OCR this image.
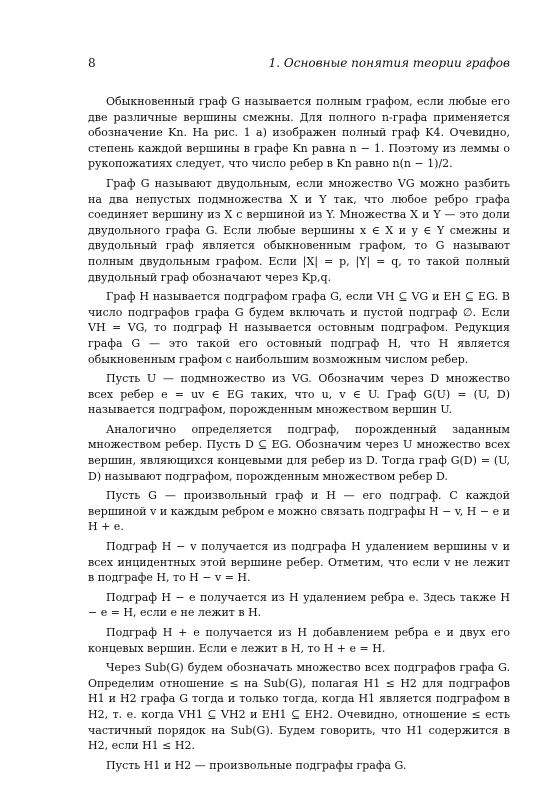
8	1. Основные понятия теории графов

Обыкновенный граф G называется полным графом, если любые его две различные вершины смежны. Для полного n-графа применяется обозначение Kn. На рис. 1 a) изображен полный граф K4. Очевидно, степень каждой вершины в графе Kn равна n − 1. Поэтому из леммы о рукопожатиях следует, что число ребер в Kn равно n(n − 1)/2.

Граф G называют двудольным, если множество VG можно разбить на два непустых подмножества X и Y так, что любое ребро графа соединяет вершину из X с вершиной из Y. Множества X и Y — это доли двудольного графа G. Если любые вершины x ∈ X и y ∈ Y смежны и двудольный граф является обыкновенным графом, то G называют полным двудольным графом. Если |X| = p, |Y| = q, то такой полный двудольный граф обозначают через Kp,q.

Граф H называется подграфом графа G, если VH ⊆ VG и EH ⊆ EG. В число подграфов графа G будем включать и пустой подграф ∅. Если VH = VG, то подграф H называется остовным подграфом. Редукция графа G — это такой его остовный подграф H, что H является обыкновенным графом с наибольшим возможным числом ребер.

Пусть U — подмножество из VG. Обозначим через D множество всех ребер e = uv ∈ EG таких, что u, v ∈ U. Граф G(U) = (U, D) называется подграфом, порожденным множеством вершин U.

Аналогично определяется подграф, порожденный заданным множеством ребер. Пусть D ⊆ EG. Обозначим через U множество всех вершин, являющихся концевыми для ребер из D. Тогда граф G(D) = (U, D) называют подграфом, порожденным множеством ребер D.

Пусть G — произвольный граф и H — его подграф. С каждой вершиной v и каждым ребром e можно связать подграфы H − v, H − e и H + e.

Подграф H − v получается из подграфа H удалением вершины v и всех инцидентных этой вершине ребер. Отметим, что если v не лежит в подграфе H, то H − v = H.

Подграф H − e получается из H удалением ребра e. Здесь также H − e = H, если e не лежит в H.

Подграф H + e получается из H добавлением ребра e и двух его концевых вершин. Если e лежит в H, то H + e = H.

Через Sub(G) будем обозначать множество всех подграфов графа G. Определим отношение ≤ на Sub(G), полагая H1 ≤ H2 для подграфов H1 и H2 графа G тогда и только тогда, когда H1 является подграфом в H2, т. е. когда VH1 ⊆ VH2 и EH1 ⊆ EH2. Очевидно, отношение ≤ есть частичный порядок на Sub(G). Будем говорить, что H1 содержится в H2, если H1 ≤ H2.

Пусть H1 и H2 — произвольные подграфы графа G.
